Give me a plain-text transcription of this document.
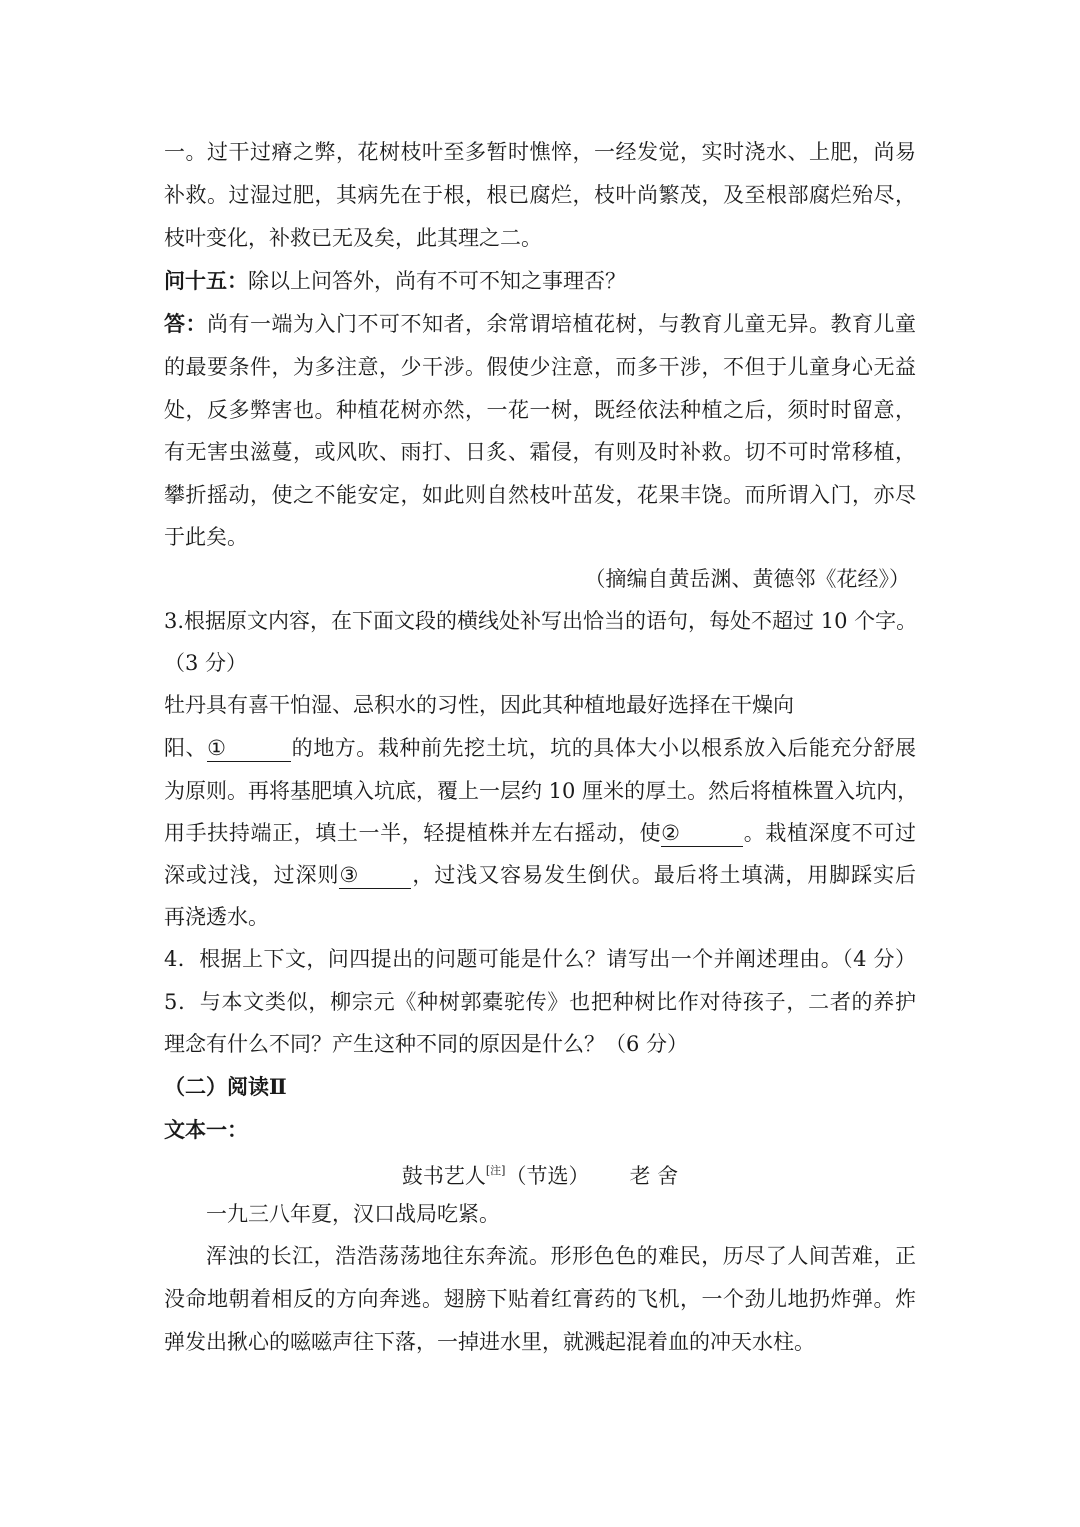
一。过干过瘠之弊，花树枝叶至多暂时憔悴，一经发觉，实时浇水、上肥，尚易
补救。过湿过肥，其病先在于根，根已腐烂，枝叶尚繁茂，及至根部腐烂殆尽，
枝叶变化，补救已无及矣，此其理之二。
问十五：除以上问答外，尚有不可不知之事理否？
答：尚有一端为入门不可不知者，余常谓培植花树，与教育儿童无异。教育儿童
的最要条件，为多注意，少干涉。假使少注意，而多干涉，不但于儿童身心无益
处，反多弊害也。种植花树亦然，一花一树，既经依法种植之后，须时时留意，
有无害虫滋蔓，或风吹、雨打、日炙、霜侵，有则及时补救。切不可时常移植，
攀折摇动，使之不能安定，如此则自然枝叶茁发，花果丰饶。而所谓入门，亦尽
于此矣。
（摘编自黄岳渊、黄德邻《花经》）
3.根据原文内容，在下面文段的横线处补写出恰当的语句，每处不超过 10 个字。
（3 分）
牡丹具有喜干怕湿、忌积水的习性，因此其种植地最好选择在干燥向
阳、①	的地方。栽种前先挖土坑，坑的具体大小以根系放入后能充分舒展
为原则。再将基肥填入坑底，覆上一层约 10 厘米的厚土。然后将植株置入坑内，
用手扶持端正，填土一半，轻提植株并左右摇动，使②	。栽植深度不可过
深或过浅，过深则③	，过浅又容易发生倒伏。最后将土填满，用脚踩实后
再浇透水。
4．根据上下文，问四提出的问题可能是什么？请写出一个并阐述理由。（4 分）
5．与本文类似，柳宗元《种树郭橐驼传》也把种树比作对待孩子，二者的养护
理念有什么不同？产生这种不同的原因是什么？（6 分）
（二）阅读Ⅱ
文本一：
鼓书艺人[注]（节选） 老 舍
一九三八年夏，汉口战局吃紧。
浑浊的长江，浩浩荡荡地往东奔流。形形色色的难民，历尽了人间苦难，正
没命地朝着相反的方向奔逃。翅膀下贴着红膏药的飞机，一个劲儿地扔炸弹。炸
弹发出揪心的嗞嗞声往下落，一掉进水里，就溅起混着血的冲天水柱。
